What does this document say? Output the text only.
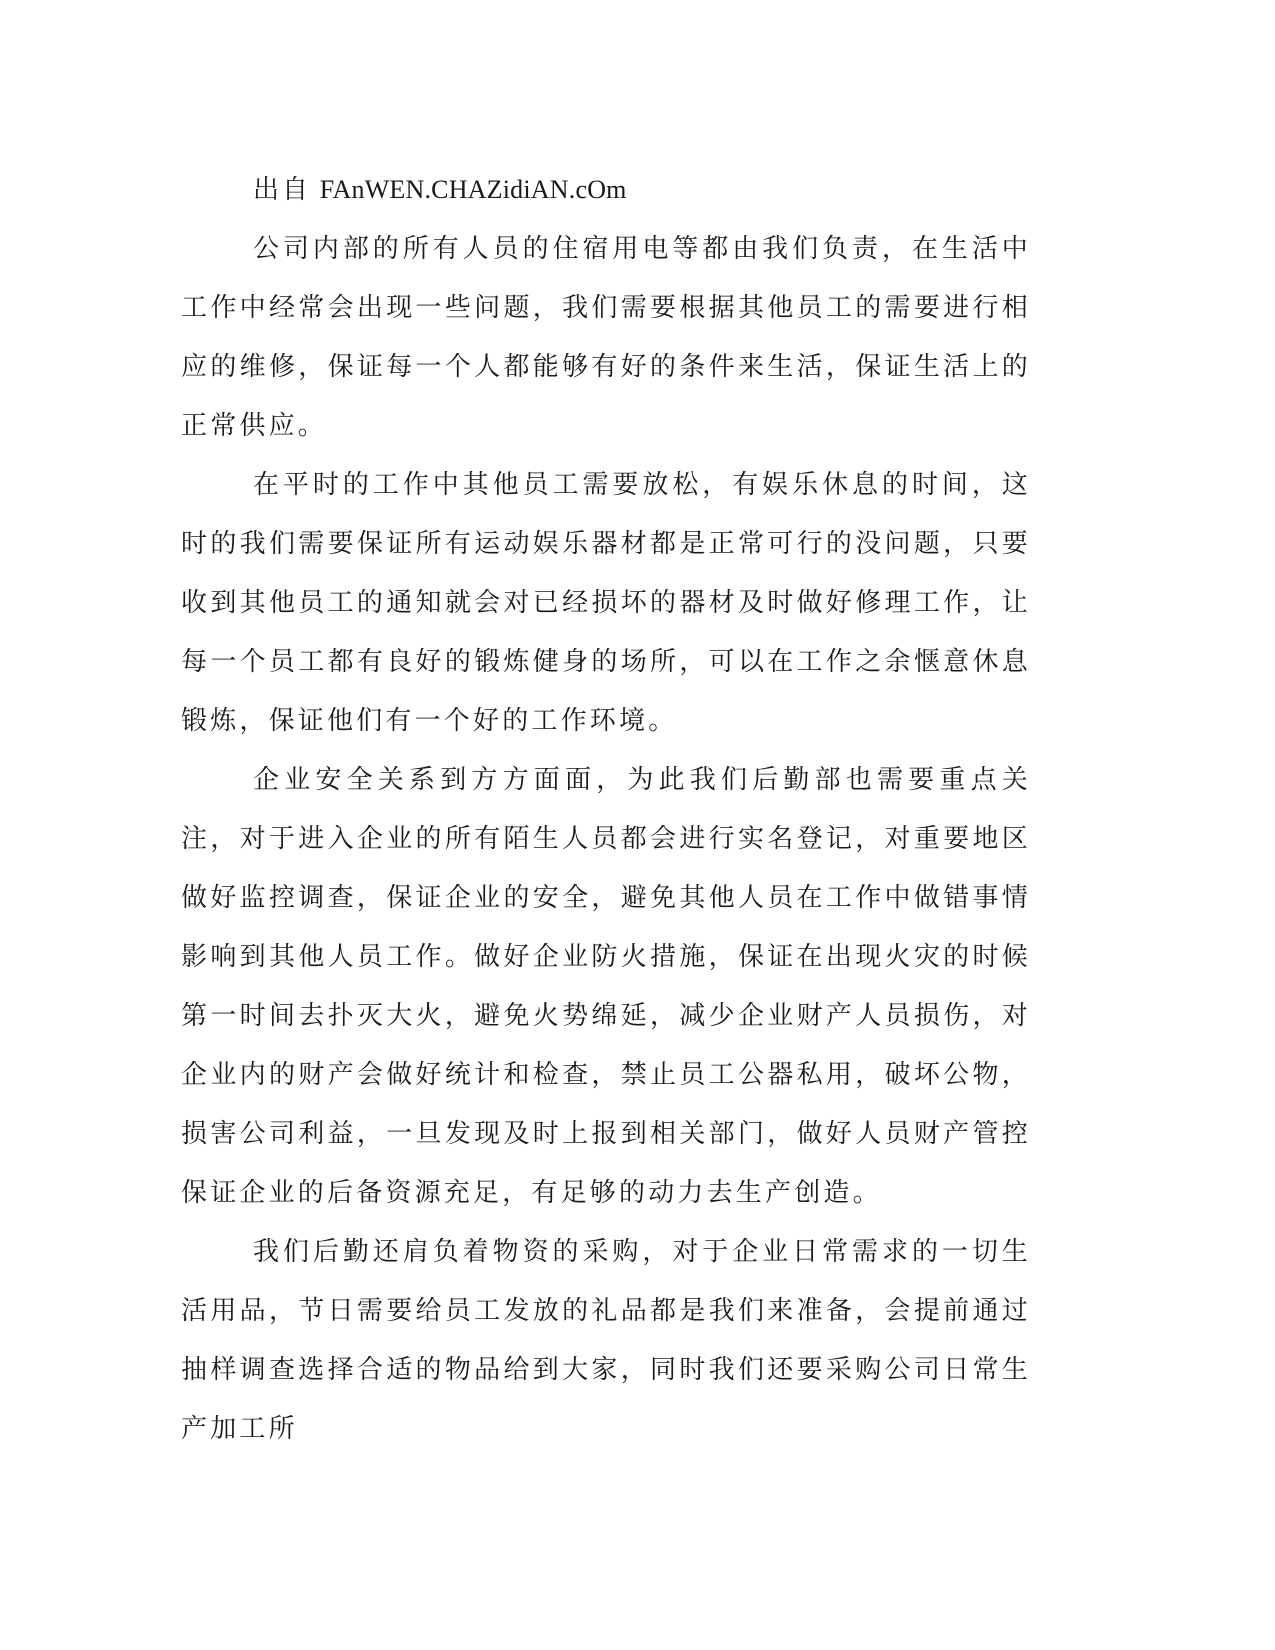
出自 FAnWEN.CHAZidiAN.cOm

公司内部的所有人员的住宿用电等都由我们负责，在生活中工作中经常会出现一些问题，我们需要根据其他员工的需要进行相应的维修，保证每一个人都能够有好的条件来生活，保证生活上的正常供应。

在平时的工作中其他员工需要放松，有娱乐休息的时间，这时的我们需要保证所有运动娱乐器材都是正常可行的没问题，只要收到其他员工的通知就会对已经损坏的器材及时做好修理工作，让每一个员工都有良好的锻炼健身的场所，可以在工作之余惬意休息锻炼，保证他们有一个好的工作环境。

企业安全关系到方方面面，为此我们后勤部也需要重点关注，对于进入企业的所有陌生人员都会进行实名登记，对重要地区做好监控调查，保证企业的安全，避免其他人员在工作中做错事情影响到其他人员工作。做好企业防火措施，保证在出现火灾的时候第一时间去扑灭大火，避免火势绵延，减少企业财产人员损伤，对企业内的财产会做好统计和检查，禁止员工公器私用，破坏公物，损害公司利益，一旦发现及时上报到相关部门，做好人员财产管控保证企业的后备资源充足，有足够的动力去生产创造。

我们后勤还肩负着物资的采购，对于企业日常需求的一切生活用品，节日需要给员工发放的礼品都是我们来准备，会提前通过抽样调查选择合适的物品给到大家，同时我们还要采购公司日常生产加工所
